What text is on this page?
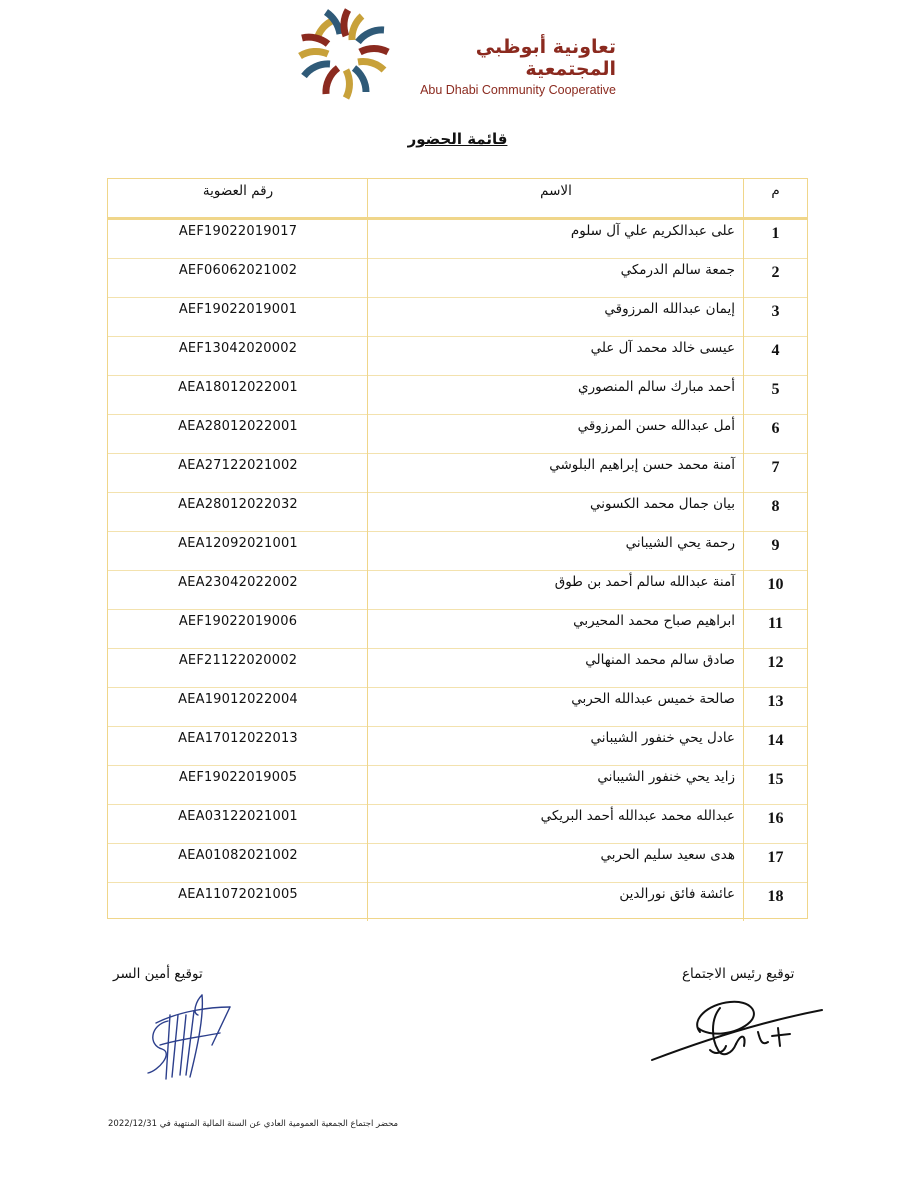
تعاونية أبوظبي المجتمعية
Abu Dhabi Community Cooperative
قائمة الحضور
رقم العضوية	الاسم	م
AEF19022019017	على عبدالكريم علي آل سلوم	1
AEF06062021002	جمعة سالم الدرمكي	2
AEF19022019001	إيمان عبدالله المرزوقي	3
AEF13042020002	عيسى خالد محمد آل علي	4
AEA18012022001	أحمد مبارك سالم المنصوري	5
AEA28012022001	أمل عبدالله حسن المرزوقي	6
AEA27122021002	آمنة محمد حسن إبراهيم البلوشي	7
AEA28012022032	بيان جمال محمد الكسوني	8
AEA12092021001	رحمة يحي الشيباني	9
AEA23042022002	آمنة عبدالله سالم أحمد بن طوق	10
AEF19022019006	ابراهيم صباح محمد المحيربي	11
AEF21122020002	صادق سالم محمد المنهالي	12
AEA19012022004	صالحة خميس عبدالله الحربي	13
AEA17012022013	عادل يحي خنفور الشيباني	14
AEF19022019005	زايد يحي خنفور الشيباني	15
AEA03122021001	عبدالله محمد عبدالله أحمد البريكي	16
AEA01082021002	هدى سعيد سليم الحربي	17
AEA11072021005	عائشة فائق نورالدين	18
توقيع أمين السر	توقيع رئيس الاجتماع
محضر اجتماع الجمعية العمومية العادي عن السنة المالية المنتهية في 2022/12/31
